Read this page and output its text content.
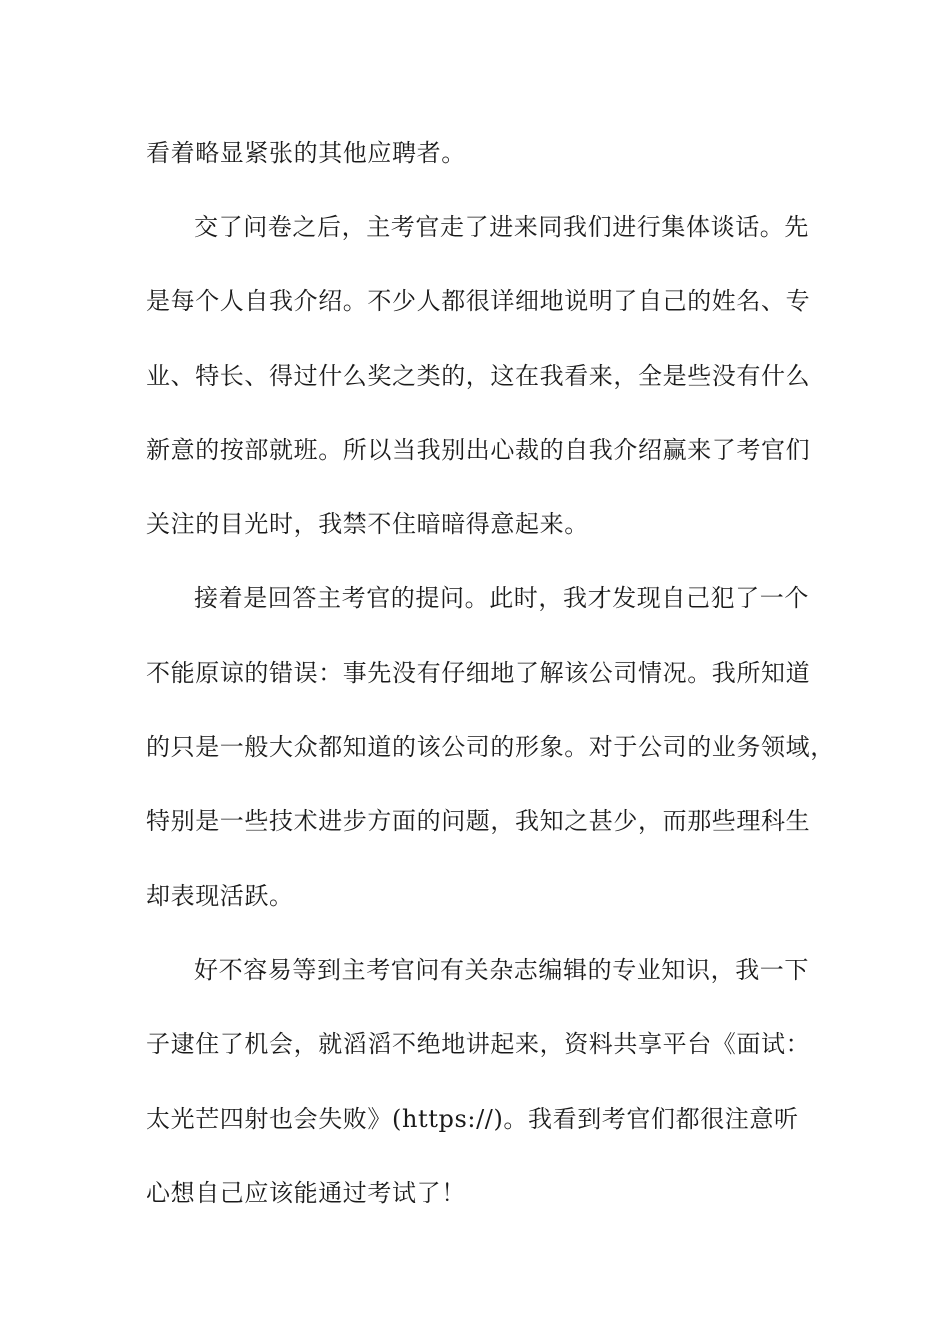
看着略显紧张的其他应聘者。
交了问卷之后，主考官走了进来同我们进行集体谈话。先
是每个人自我介绍。不少人都很详细地说明了自己的姓名、专
业、特长、得过什么奖之类的，这在我看来，全是些没有什么
新意的按部就班。所以当我别出心裁的自我介绍赢来了考官们
关注的目光时，我禁不住暗暗得意起来。
接着是回答主考官的提问。此时，我才发现自己犯了一个
不能原谅的错误：事先没有仔细地了解该公司情况。我所知道
的只是一般大众都知道的该公司的形象。对于公司的业务领域，
特别是一些技术进步方面的问题，我知之甚少，而那些理科生
却表现活跃。
好不容易等到主考官问有关杂志编辑的专业知识，我一下
子逮住了机会，就滔滔不绝地讲起来，资料共享平台《面试：
太光芒四射也会失败》(https://)。我看到考官们都很注意听
心想自己应该能通过考试了！
